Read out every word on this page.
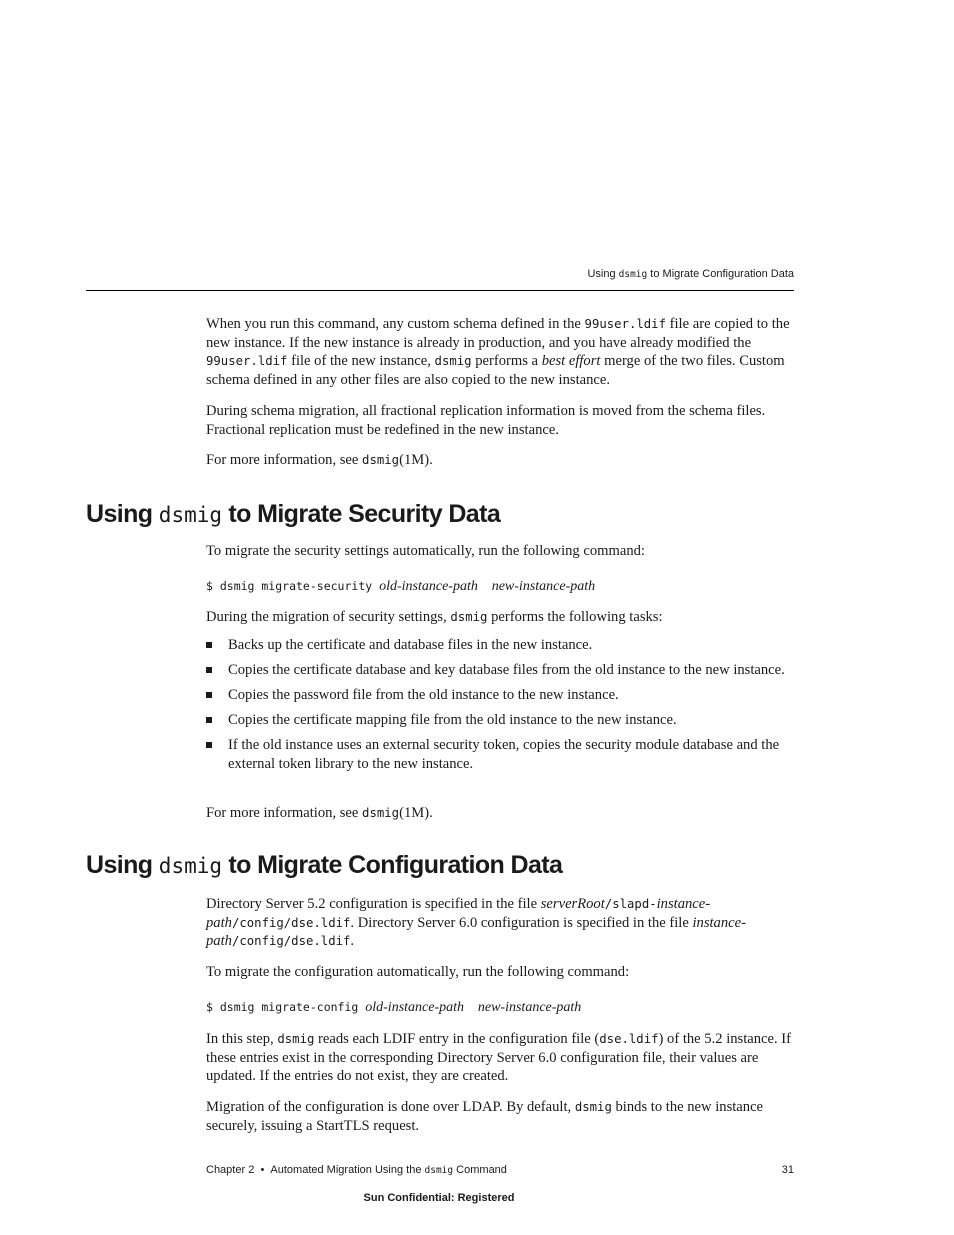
Using dsmig to Migrate Configuration Data

When you run this command, any custom schema defined in the 99user.ldif file are copied to the new instance. If the new instance is already in production, and you have already modified the 99user.ldif file of the new instance, dsmig performs a best effort merge of the two files. Custom schema defined in any other files are also copied to the new instance.

During schema migration, all fractional replication information is moved from the schema files. Fractional replication must be redefined in the new instance.

For more information, see dsmig(1M).

Using dsmig to Migrate Security Data

To migrate the security settings automatically, run the following command:

$ dsmig migrate-security old-instance-path new-instance-path

During the migration of security settings, dsmig performs the following tasks:

Backs up the certificate and database files in the new instance.
Copies the certificate database and key database files from the old instance to the new instance.
Copies the password file from the old instance to the new instance.
Copies the certificate mapping file from the old instance to the new instance.
If the old instance uses an external security token, copies the security module database and the external token library to the new instance.

For more information, see dsmig(1M).

Using dsmig to Migrate Configuration Data

Directory Server 5.2 configuration is specified in the file serverRoot/slapd-instance-path/config/dse.ldif. Directory Server 6.0 configuration is specified in the file instance-path/config/dse.ldif.

To migrate the configuration automatically, run the following command:

$ dsmig migrate-config old-instance-path new-instance-path

In this step, dsmig reads each LDIF entry in the configuration file (dse.ldif) of the 5.2 instance. If these entries exist in the corresponding Directory Server 6.0 configuration file, their values are updated. If the entries do not exist, they are created.

Migration of the configuration is done over LDAP. By default, dsmig binds to the new instance securely, issuing a StartTLS request.

Chapter 2 • Automated Migration Using the dsmig Command	31
Sun Confidential: Registered
